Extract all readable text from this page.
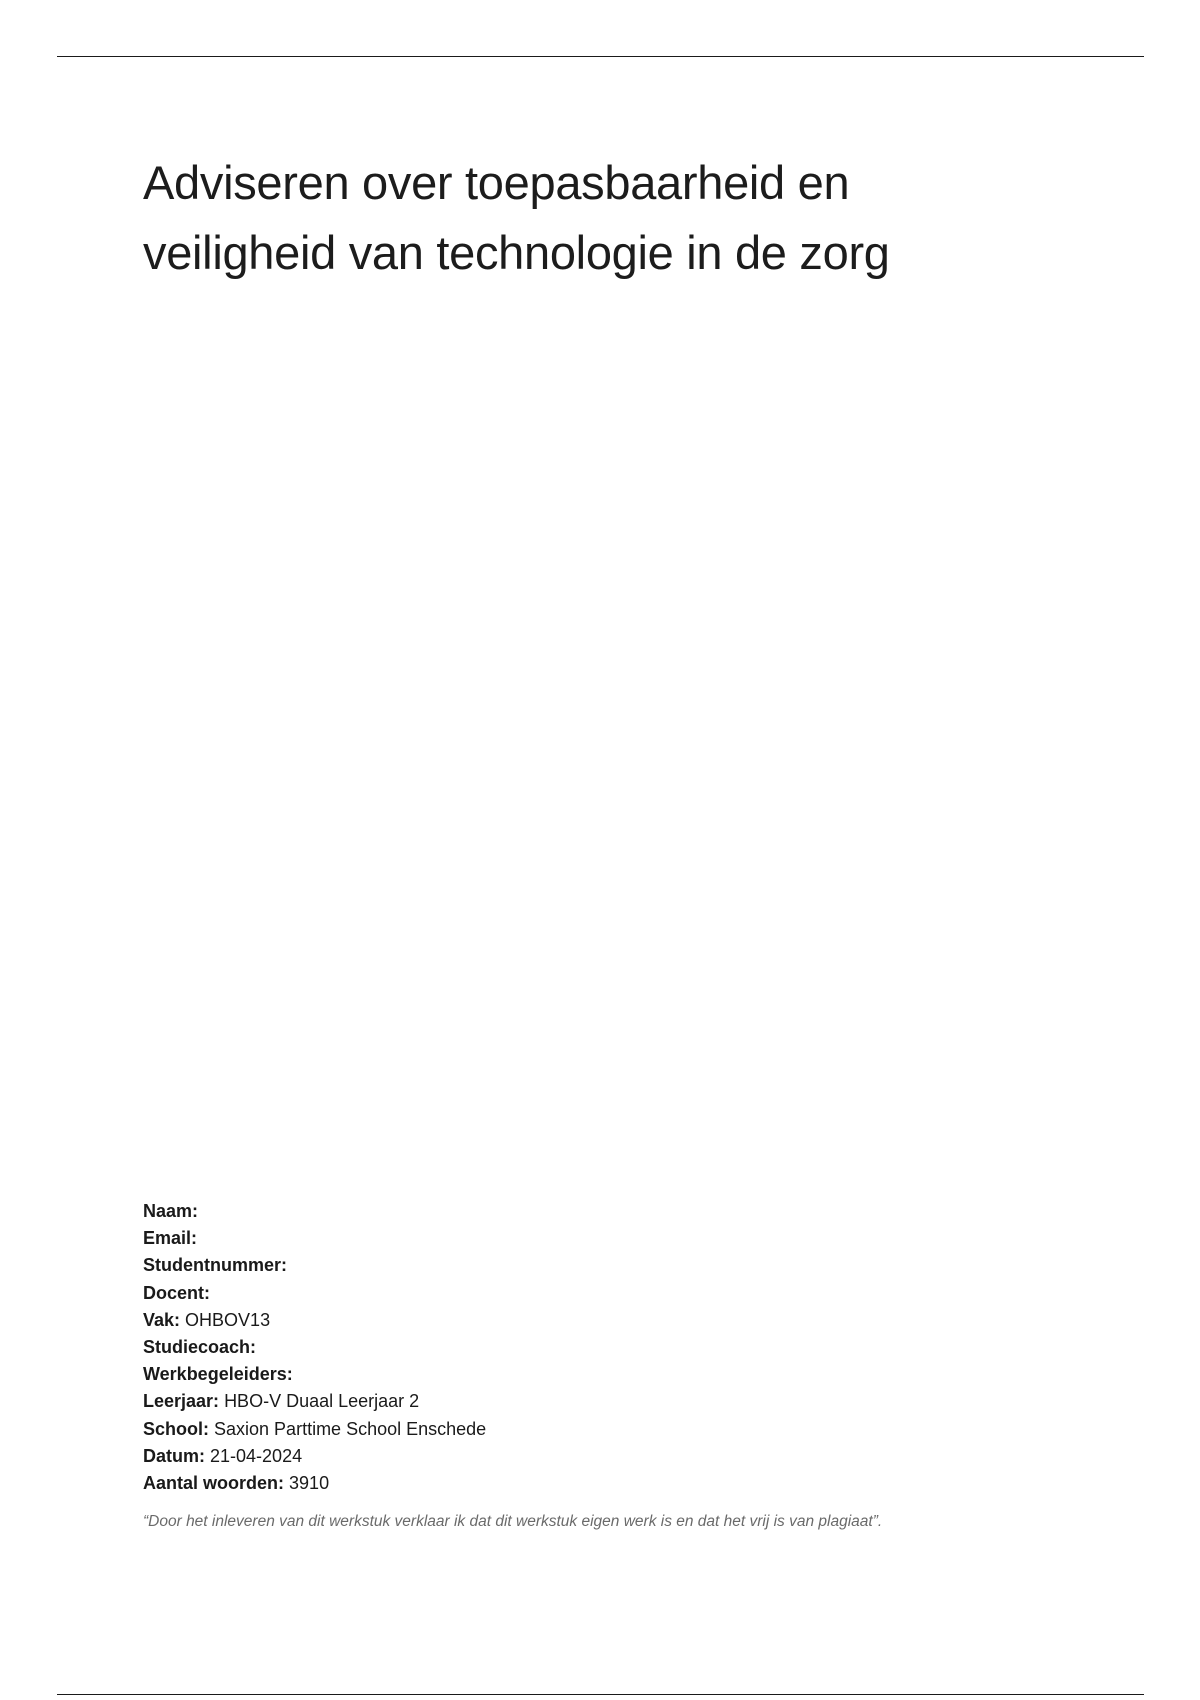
Adviseren over toepasbaarheid en
veiligheid van technologie in de zorg
Naam:
Email:
Studentnummer:
Docent:
Vak: OHBOV13
Studiecoach:
Werkbegeleiders:
Leerjaar: HBO-V Duaal Leerjaar 2
School: Saxion Parttime School Enschede
Datum: 21-04-2024
Aantal woorden: 3910
“Door het inleveren van dit werkstuk verklaar ik dat dit werkstuk eigen werk is en dat het vrij is van plagiaat”.
